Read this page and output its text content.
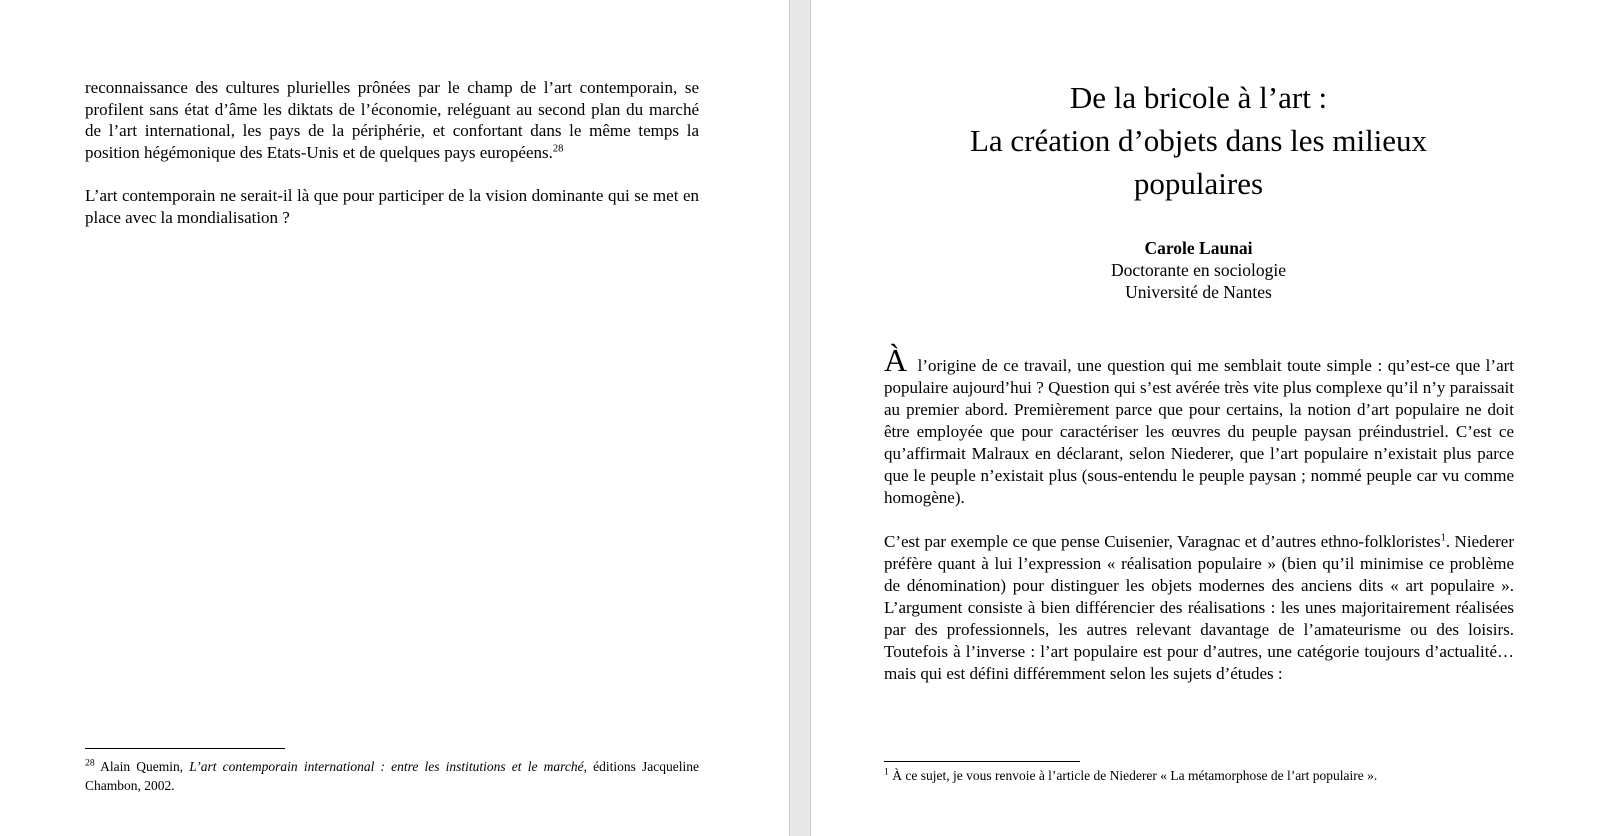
reconnaissance des cultures plurielles prônées par le champ de l’art contemporain, se profilent sans état d’âme les diktats de l’économie, reléguant au second plan du marché de l’art international, les pays de la périphérie, et confortant dans le même temps la position hégémonique des Etats-Unis et de quelques pays européens.$^{28}$

L’art contemporain ne serait-il là que pour participer de la vision dominante qui se met en place avec la mondialisation ?

$^{28}$ Alain Quemin, L’art contemporain international : entre les institutions et le marché, éditions Jacqueline Chambon, 2002.

De la bricole à l’art :
La création d’objets dans les milieux
populaires
Carole Launai
Doctorante en sociologie
Université de Nantes

À l’origine de ce travail, une question qui me semblait toute simple : qu’est-ce que l’art populaire aujourd’hui ? Question qui s’est avérée très vite plus complexe qu’il n’y paraissait au premier abord. Premièrement parce que pour certains, la notion d’art populaire ne doit être employée que pour caractériser les œuvres du peuple paysan préindustriel. C’est ce qu’affirmait Malraux en déclarant, selon Niederer, que l’art populaire n’existait plus parce que le peuple n’existait plus (sous-entendu le peuple paysan ; nommé peuple car vu comme homogène).

C’est par exemple ce que pense Cuisenier, Varagnac et d’autres ethno-folkloristes$^1$. Niederer préfère quant à lui l’expression « réalisation populaire » (bien qu’il minimise ce problème de dénomination) pour distinguer les objets modernes des anciens dits « art populaire ». L’argument consiste à bien différencier des réalisations : les unes majoritairement réalisées par des professionnels, les autres relevant davantage de l’amateurisme ou des loisirs. Toutefois à l’inverse : l’art populaire est pour d’autres, une catégorie toujours d’actualité… mais qui est défini différemment selon les sujets d’études :

$^1$ À ce sujet, je vous renvoie à l’article de Niederer « La métamorphose de l’art populaire ».
